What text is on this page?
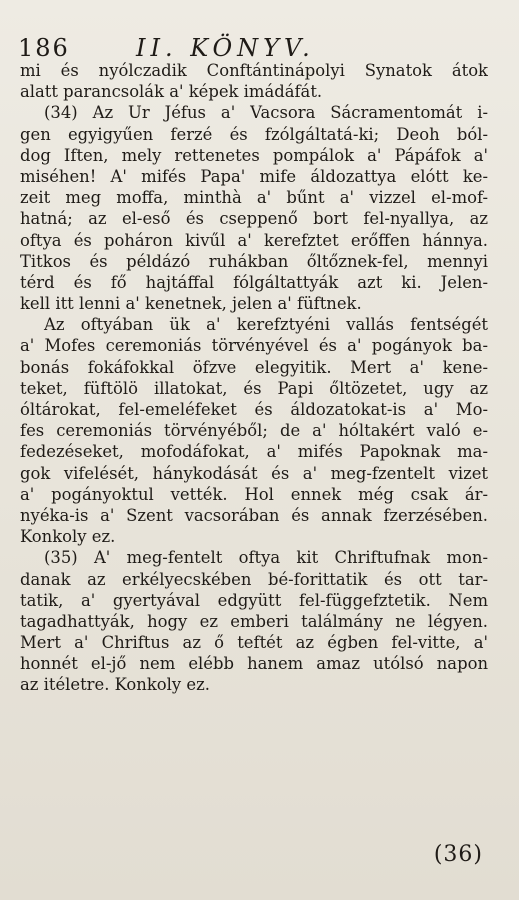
186	II. KÖNYV.
mi és nyólczadik Conftántinápolyi Synatok átok
alatt parancsolák a' képek imádáfát.
(34) Az Ur Jéfus a' Vacsora Sácramentomát i-
gen egyigyűen ferzé és fzólgáltatá-ki; Deoh ból-
dog Iften, mely rettenetes pompálok a' Pápáfok a'
miséhen! A' mifés Papa' mife áldozattya elótt ke-
zeit meg moffa, minthà a' bűnt a' vizzel el-mof-
hatná; az el-eső és cseppenő bort fel-nyallya, az
oftya és poháron kivűl a' kerefztet erőffen hánnya.
Titkos és példázó ruhákban őltőznek-fel, mennyi
térd és fő hajtáffal fólgáltattyák azt ki. Jelen-
kell itt lenni a' kenetnek, jelen a' füftnek.
Az oftyában ük a' kerefztyéni vallás fentségét
a' Mofes ceremoniás törvényével és a' pogányok ba-
bonás fokáfokkal öfzve elegyitik. Mert a' kene-
teket, füftölö illatokat, és Papi őltözetet, ugy az
óltárokat, fel-emeléfeket és áldozatokat-is a' Mo-
fes ceremoniás törvényéből; de a' hóltakért való e-
fedezéseket, mofodáfokat, a' mifés Papoknak ma-
gok vifelését, hánykodását és a' meg-fzentelt vizet
a' pogányoktul vették. Hol ennek még csak ár-
nyéka-is a' Szent vacsorában és annak fzerzésében.
Konkoly ez.
(35) A' meg-fentelt oftya kit Chriftufnak mon-
danak az erkélyecskében bé-forittatik és ott tar-
tatik, a' gyertyával edgyütt fel-függefztetik. Nem
tagadhattyák, hogy ez emberi találmány ne légyen.
Mert a' Chriftus az ő teftét az égben fel-vitte, a'
honnét el-jő nem elébb hanem amaz utólsó napon
az itéletre. Konkoly ez.
(36)
